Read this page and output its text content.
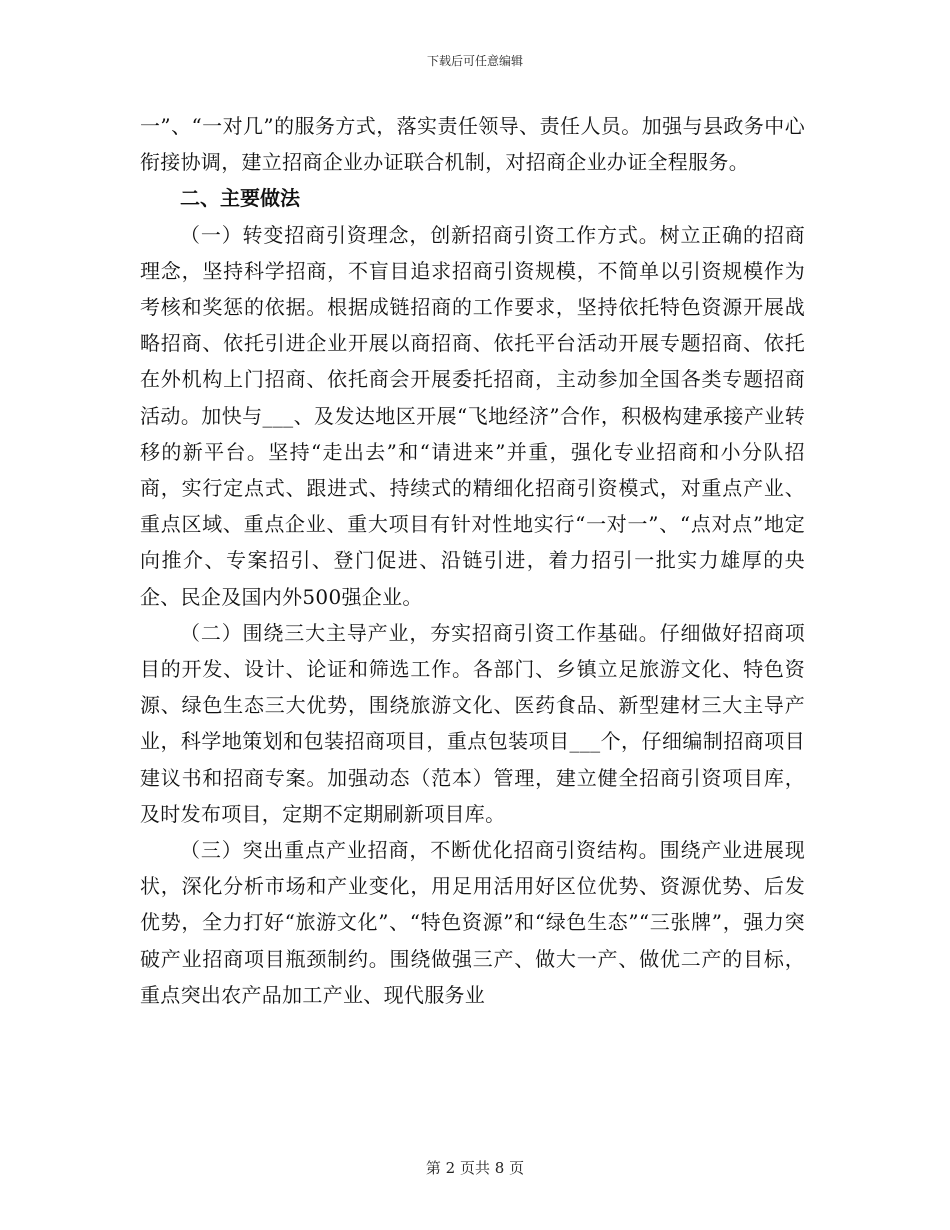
下载后可任意编辑

一”、“一对几”的服务方式，落实责任领导、责任人员。加强与县政务中心衔接协调，建立招商企业办证联合机制，对招商企业办证全程服务。

二、主要做法

（一）转变招商引资理念，创新招商引资工作方式。树立正确的招商理念，坚持科学招商，不盲目追求招商引资规模，不简单以引资规模作为考核和奖惩的依据。根据成链招商的工作要求，坚持依托特色资源开展战略招商、依托引进企业开展以商招商、依托平台活动开展专题招商、依托在外机构上门招商、依托商会开展委托招商，主动参加全国各类专题招商活动。加快与___、及发达地区开展“飞地经济”合作，积极构建承接产业转移的新平台。坚持“走出去”和“请进来”并重，强化专业招商和小分队招商，实行定点式、跟进式、持续式的精细化招商引资模式，对重点产业、重点区域、重点企业、重大项目有针对性地实行“一对一”、“点对点”地定向推介、专案招引、登门促进、沿链引进，着力招引一批实力雄厚的央企、民企及国内外500强企业。

（二）围绕三大主导产业，夯实招商引资工作基础。仔细做好招商项目的开发、设计、论证和筛选工作。各部门、乡镇立足旅游文化、特色资源、绿色生态三大优势，围绕旅游文化、医药食品、新型建材三大主导产业，科学地策划和包装招商项目，重点包装项目___个，仔细编制招商项目建议书和招商专案。加强动态（范本）管理，建立健全招商引资项目库，及时发布项目，定期不定期刷新项目库。

（三）突出重点产业招商，不断优化招商引资结构。围绕产业进展现状，深化分析市场和产业变化，用足用活用好区位优势、资源优势、后发优势，全力打好“旅游文化”、“特色资源”和“绿色生态”“三张牌”，强力突破产业招商项目瓶颈制约。围绕做强三产、做大一产、做优二产的目标，重点突出农产品加工产业、现代服务业

第 2 页共 8 页
